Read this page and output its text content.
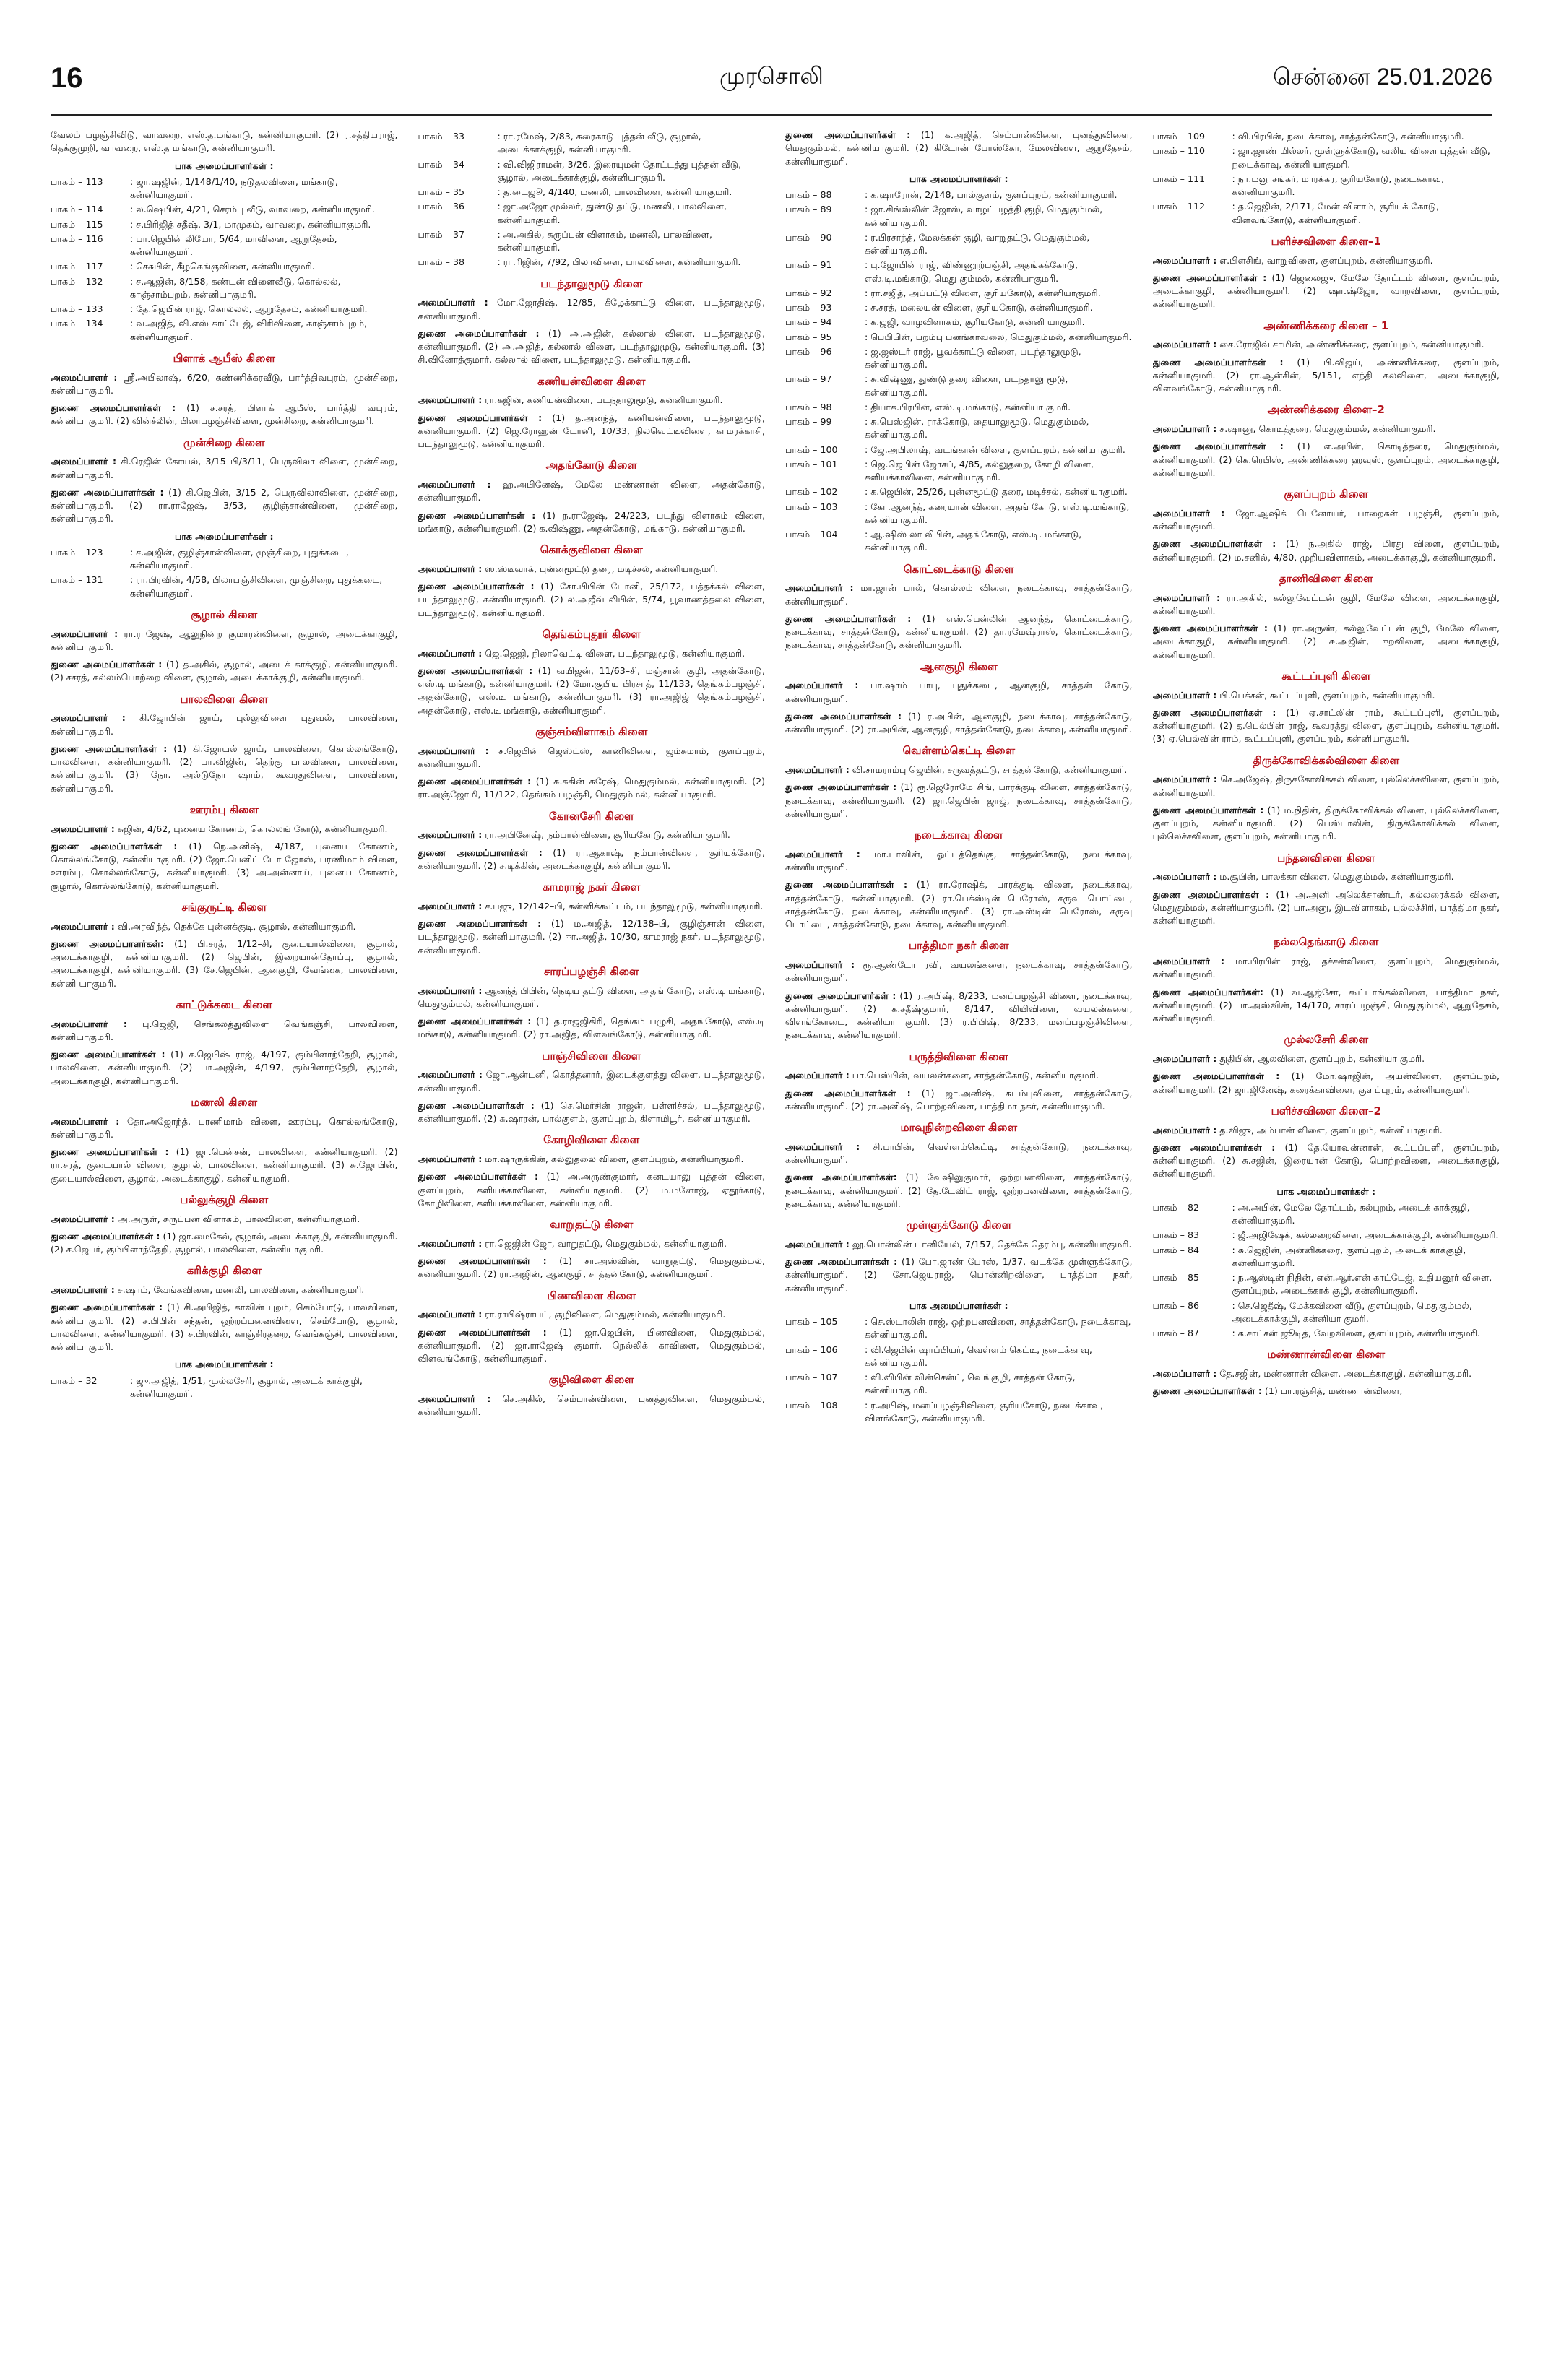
16	முரசொலி	சென்னை 25.01.2026

வேலம் பழஞ்சிவிடு, வாவறை, எஸ்.த.மங்காடு, கன்னியாகுமரி. (2) ர.சத்தியராஜ், தெக்குமுறி, வாவறை, எஸ்.த மங்காடு, கன்னியாகுமரி.

பாக அமைப்பாளர்கள் :
பாகம் – 113	: ஜா.ஷஜின், 1/148/1/40, நடுதலவிளை, மங்காடு, கன்னியாகுமரி.
பாகம் – 114	: ல.ஷெபின், 4/21, செரம்பு வீடு, வாவறை, கன்னியாகுமரி.
பாகம் – 115	: ச.பிரிஜித் சதீஷ், 3/1, மாமுகம், வாவறை, கன்னியாகுமரி.
பாகம் – 116	: பா.ஜெபின் லியோ, 5/64, மாவிளை, ஆறுதேசம், கன்னியாகுமரி.
பாகம் – 117	: செசுபின், கீழகெங்குவிளை, கன்னியாகுமரி.
பாகம் – 132	: ச.ஆஜின், 8/158, கண்டன் விளைவீடு, கொல்லல், காஞ்சாம்புறம், கன்னியாகுமரி.
பாகம் – 133	: தே.ஜெபின் ராஜ், கொல்லல், ஆறுதேசம், கன்னியாகுமரி.
பாகம் – 134	: வ.அஜித், வி.எஸ் காட்டேஜ், விரிவிளை, காஞ்சாம்புறம், கன்னியாகுமரி.
பிளாக் ஆபீஸ் கிளை

அமைப்பாளர் : ஸ்ரீ.அபிலாஷ், 6/20, கண்ணிக்கரவீடு, பார்த்திவபுரம், முன்சிறை, கன்னியாகுமரி.

துணை அமைப்பாளர்கள் : (1) ச.சரத், பிளாக் ஆபீஸ், பார்த்தி வபுரம், கன்னியாகுமரி. (2) வின்ச்லின், பிலாபழஞ்சிவிளை, முன்சிறை, கன்னியாகுமரி.

முன்சிறை கிளை

அமைப்பாளர் : கி.ரெஜின் கோயல், 3/15–பி/3/11, பெருவிலா விளை, முன்சிறை, கன்னியாகுமரி.

துணை அமைப்பாளர்கள் : (1) கி.ஜெபின், 3/15–2, பெருவிலாவிளை, முன்சிறை, கன்னியாகுமரி. (2) ரா.ராஜேஷ், 3/53, குழிஞ்சான்விளை, முன்சிறை, கன்னியாகுமரி.

பாக அமைப்பாளர்கள் :
பாகம் – 123	: ச.அஜின், குழிஞ்சான்விளை, முஞ்சிறை, புதுக்கடை, கன்னியாகுமரி.
பாகம் – 131	: ரா.பிரவின், 4/58, பிலாபஞ்சிவிளை, முஞ்சிறை, புதுக்கடை, கன்னியாகுமரி.
சூழால் கிளை

அமைப்பாளர் : ரா.ராஜேஷ், ஆலுநின்ற குமாரன்விளை, சூழால், அடைக்காகுழி, கன்னியாகுமரி.

துணை அமைப்பாளர்கள் : (1) த.அகில், சூழால், அடைக் காக்குழி, கன்னியாகுமரி. (2) சசரத், கல்லம்பொற்றை விளை, சூழால், அடைக்காக்குழி, கன்னியாகுமரி.

பாலவிளை கிளை

அமைப்பாளர் : கி.ஜோபின் ஜாய், புல்லுவிளை புதுவல், பாலவிளை, கன்னியாகுமரி.

துணை அமைப்பாளர்கள் : (1) கி.ஜோயல் ஜாய், பாலவிளை, கொல்லங்கோடு, பாலவிளை, கன்னியாகுமரி. (2) பா.விஜின், தெற்கு பாலவிளை, பாலவிளை, கன்னியாகுமரி. (3) நோ. அல்டுநோ ஷாம், கூவரதுவிளை, பாலவிளை, கன்னியாகுமரி.

ஊரம்பு கிளை

அமைப்பாளர் : சுஜின், 4/62, புனைய கோணம், கொல்லங் கோடு, கன்னியாகுமரி.

துணை அமைப்பாளர்கள் : (1) நெ.அனிஷ், 4/187, புனைய கோணம், கொல்லங்கோடு, கன்னியாகுமரி. (2) ஜோ.பெனிட் டோ ஜோஸ், பரணிமாம் விளை, ஊரம்பு, கொல்லங்கோடு, கன்னியாகுமரி. (3) அ.அன்னாய், புனைய கோணம், சூழால், கொல்லங்கோடு, கன்னியாகுமரி.

சங்குருட்டி கிளை

அமைப்பாளர் : வி.அரவிந்த், தெக்கே புன்னக்குடி, சூழால், கன்னியாகுமரி.

துணை அமைப்பாளர்கள்: (1) பி.சரத், 1/12–சி, குடையால்விளை, சூழால், அடைக்காகுழி, கன்னியாகுமரி. (2) ஜெபின், இறையான்தோப்பு, சூழால், அடைக்காகுழி, கன்னியாகுமரி. (3) சே.ஜெபின், ஆனகுழி, வேங்கை, பாலவிளை, கன்னி யாகுமரி.

காட்டுக்கடை கிளை

அமைப்பாளர் : பு.ஜெஜி, செங்கலத்துவிளை வெங்கஞ்சி, பாலவிளை, கன்னியாகுமரி.

துணை அமைப்பாளர்கள் : (1) ச.ஜெபிஷ் ராஜ், 4/197, கும்பிளாந்தேறி, சூழால், பாலவிளை, கன்னியாகுமரி. (2) பா.அஜின், 4/197, கும்பிளாந்தேறி, சூழால், அடைக்காகுழி, கன்னியாகுமரி.

மணலி கிளை

அமைப்பாளர் : தோ.அஜோந்த், பரணிமாம் விளை, ஊரம்பு, கொல்லங்கோடு, கன்னியாகுமரி.

துணை அமைப்பாளர்கள் : (1) ஜா.பென்சன், பாலவிளை, கன்னியாகுமரி. (2) ரா.சரத், குடையால் விளை, சூழால், பாலவிளை, கன்னியாகுமரி. (3) சு.ஜோபின், குடையால்விளை, சூழால், அடைக்காகுழி, கன்னியாகுமரி.

பல்லுக்குழி கிளை

அமைப்பாளர் : அ.அருள், சுருப்பன விளாகம், பாலவிளை, கன்னியாகுமரி.

துணை அமைப்பாளர்கள் : (1) ஜா.மைகேல், சூழால், அடைக்காகுழி, கன்னியாகுமரி. (2) ச.ஜெபர், கும்பிளாந்தேறி, சூழால், பாலவிளை, கன்னியாகுமரி.

கரிக்குழி கிளை

அமைப்பாளர் : ச.ஷாம், வேங்கவிளை, மணலி, பாலவிளை, கன்னியாகுமரி.

துணை அமைப்பாளர்கள் : (1) சி.அபிஜித், காவின் புறம், செம்போடு, பாலவிளை, கன்னியாகுமரி. (2) ச.பிபின் சந்தன், ஒற்றப்பனைவிளை, செம்போடு, சூழால், பாலவிளை, கன்னியாகுமரி. (3) ச.பிரவின், காஞ்சிரதறை, வெங்கஞ்சி, பாலவிளை, கன்னியாகுமரி.

பாக அமைப்பாளர்கள் :
பாகம் – 32	: ஜு.அஜித், 1/51, முல்லசேரி, சூழால், அடைக் காக்குழி, கன்னியாகுமரி.
பாகம் – 33	: ரா.ரமேஷ், 2/83, கரைகாடு புத்தன் வீடு, சூழால், அடைக்காக்குழி, கன்னியாகுமரி.
பாகம் – 34	: வி.விஜிராமன், 3/26, இரையுமன் தோட்டத்து புத்தன் வீடு, சூழால், அடைக்காக்குழி, கன்னியாகுமரி.
பாகம் – 35	: த.டைஜூ, 4/140, மணலி, பாலவிளை, கன்னி யாகுமரி.
பாகம் – 36	: ஜா.அஜோ முல்லர், துண்டு தட்டு, மணலி, பாலவிளை, கன்னியாகுமரி.
பாகம் – 37	: அ.அகில், சுருப்பன் விளாகம், மணலி, பாலவிளை, கன்னியாகுமரி.
பாகம் – 38	: ரா.ரிஜின், 7/92, பிலாவிளை, பாலவிளை, கன்னியாகுமரி.
படந்தாலுமூடு கிளை

அமைப்பாளர் : மோ.ஜோதிஷ், 12/85, கீழேக்காட்டு விளை, படந்தாலுமூடு, கன்னியாகுமரி.

துணை அமைப்பாளர்கள் : (1) அ.அஜின், கல்லால் விளை, படந்தாலுமூடு, கன்னியாகுமரி. (2) அ.அஜித், கல்லால் விளை, படந்தாலுமூடு, கன்னியாகுமரி. (3) சி.வினோத்குமார், கல்லால் விளை, படந்தாலுமூடு, கன்னியாகுமரி.

கணியன்விளை கிளை

அமைப்பாளர் : ரா.சுஜின், கணியன்விளை, படந்தாலுமூடு, கன்னியாகுமரி.

துணை அமைப்பாளர்கள் : (1) த.அனந்த், கணியன்விளை, படந்தாலுமூடு, கன்னியாகுமரி. (2) ஜெ.ரோஹன் டோனி, 10/33, நிலவெட்டிவிளை, காமரக்காசி, படந்தாலுமூடு, கன்னியாகுமரி.

அதங்கோடு கிளை

அமைப்பாளர் : ஹ.அபினேஷ், மேலே மண்ணான் விளை, அதன்கோடு, கன்னியாகுமரி.

துணை அமைப்பாளர்கள் : (1) ந.ராஜேஷ், 24/223, படந்து விளாகம் விளை, மங்காடு, கன்னியாகுமரி. (2) க.விஷ்ணு, அதன்கோடு, மங்காடு, கன்னியாகுமரி.

கொக்குவிளை கிளை

அமைப்பாளர் : ஸ.ஸ்டீவாக், புன்னமூட்டு தரை, மடிச்சல், கன்னியாகுமரி.

துணை அமைப்பாளர்கள் : (1) சோ.பிபின் டோனி, 25/172, பத்தக்கல் விளை, படந்தாலுமூடு, கன்னியாகுமரி. (2) ல.அஜீவ் லிபின், 5/74, பூவாணத்தலை விளை, படந்தாலுமூடு, கன்னியாகுமரி.

தெங்கம்புதூர் கிளை

அமைப்பாளர் : ஜெ.ஜெஜி, நிலாவெட்டி விளை, படந்தாலுமூடு, கன்னியாகுமரி.

துணை அமைப்பாளர்கள் : (1) வயிஜன், 11/63–சி, மஞ்சான் குழி, அதன்கோடு, எஸ்.டி மங்காடு, கன்னியாகுமரி. (2) மோ.சூபிய பிரசாத், 11/133, தெங்கம்பழஞ்சி, அதன்கோடு, எஸ்.டி மங்காடு, கன்னியாகுமரி. (3) ரா.அஜிஜ் தெங்கம்பழஞ்சி, அதன்கோடு, எஸ்.டி மங்காடு, கன்னியாகுமரி.

குஞ்சம்விளாகம் கிளை

அமைப்பாளர் : ச.ஜெபின் ஜெஸ்ட்ஸ், காணிவிளை, ஜம்சுமாம், குளப்புறம், கன்னியாகுமரி.

துணை அமைப்பாளர்கள் : (1) சு.சுகின் சுரேஷ், மெதுகும்மல், கன்னியாகுமரி. (2) ரா.அஞ்ஜோமி, 11/122, தெங்கம் பழஞ்சி, மெதுகும்மல், கன்னியாகுமரி.

கோனசேரி கிளை

அமைப்பாளர் : ரா.அபினேஷ், நம்பான்விளை, சூரியகோடு, கன்னியாகுமரி.

துணை அமைப்பாளர்கள் : (1) ரா.ஆகாஷ், நம்பான்விளை, சூரியக்கோடு, கன்னியாகுமரி. (2) ச.டிக்கின், அடைக்காகுழி, கன்னியாகுமரி.

காமராஜ் நகர் கிளை

அமைப்பாளர் : ச.பஜு, 12/142–பி, கன்னிக்கூட்டம், படந்தாலுமூடு, கன்னியாகுமரி.

துணை அமைப்பாளர்கள் : (1) ம.அஜித், 12/138–பி, குழிஞ்சான் விளை, படந்தாலுமூடு, கன்னியாகுமரி. (2) ஈா.அஜித், 10/30, காமராஜ் நகர், படந்தாலுமூடு, கன்னியாகுமரி.

சாரப்பழஞ்சி கிளை

அமைப்பாளர் : ஆனந்த் பிபின், நெடிய தட்டு விளை, அதங் கோடு, எஸ்.டி மங்காடு, மெதுகும்மல், கன்னியாகுமரி.

துணை அமைப்பாளர்கள் : (1) த.ராஜஜிகிரி, தெங்கம் பழுசி, அதங்கோடு, எஸ்.டி மங்காடு, கன்னியாகுமரி. (2) ரா.அஜித், விளவங்கோடு, கன்னியாகுமரி.

பாஞ்சிவிளை கிளை

அமைப்பாளர் : ஜோ.ஆன்டனி, கொத்தனார், இடைக்குளத்து விளை, படந்தாலுமூடு, கன்னியாகுமரி.

துணை அமைப்பாளர்கள் : (1) செ.மெர்சின் ராஜன், பள்ளிச்சல், படந்தாலுமூடு, கன்னியாகுமரி. (2) சு.ஷாரன், பால்குளம், குளப்புறம், கிளாமிபூர், கன்னியாகுமரி.

கோழிவிளை கிளை

அமைப்பாளர் : மா.ஷாருக்கின், கல்லுதலை விளை, குளப்புறம், கன்னியாகுமரி.

துணை அமைப்பாளர்கள் : (1) அ.அருண்குமார், கனடயாலு புத்தன் விளை, குளப்புறம், களியக்காவிளை, கன்னியாகுமரி. (2) ம.மனோஜ், ஏதூர்காடு, கோழிவிளை, களியக்காவிளை, கன்னியாகுமரி.

வாறுதட்டு கிளை

அமைப்பாளர் : ரா.ஜெஜின் ஜோ, வாறுதட்டு, மெதுகும்மல், கன்னியாகுமரி.

துணை அமைப்பாளர்கள் : (1) சா.அஸ்வின், வாறுதட்டு, மெதுகும்மல், கன்னியாகுமரி. (2) ரா.அஜின், ஆனகுழி, சாத்தன்கோடு, கன்னியாகுமரி.

பிணவிளை கிளை

அமைப்பாளர் : ரா.ராபிஷ்ராபட், குழிவிளை, மெதுகும்மல், கன்னியாகுமரி.

துணை அமைப்பாளர்கள் : (1) ஜா.ஜெபின், பிணவிளை, மெதுகும்மல், கன்னியாகுமரி. (2) ஜா.ராஜேஷ் குமார், நெல்லிக் காவிளை, மெதுகும்மல், விளவங்கோடு, கன்னியாகுமரி.

குழிவிளை கிளை

அமைப்பாளர் : செ.அகில், செம்பான்விளை, புனத்துவிளை, மெதுகும்மல், கன்னியாகுமரி.

துணை அமைப்பாளர்கள் : (1) க.அஜித், செம்பான்விளை, புனத்துவிளை, மெதுகும்மல், கன்னியாகுமரி. (2) கிடோன் போஸ்கோ, மேலவிளை, ஆறுதேசம், கன்னியாகுமரி.

பாக அமைப்பாளர்கள் :
பாகம் – 88	: க.ஷாரோன், 2/148, பால்குளம், குளப்புறம், கன்னியாகுமரி.
பாகம் – 89	: ஜா.கிங்ஸ்லின் ஜோஸ், வாழப்பழத்தி குழி, மெதுகும்மல், கன்னியாகுமரி.
பாகம் – 90	: ர.பிரசாந்த், மேலக்கன் குழி, வாறுதட்டு, மெதுகும்மல், கன்னியாகுமரி.
பாகம் – 91	: பு.ஜோபின் ராஜ், விண்ணூற்பஞ்சி, அதங்கக்கோடு, எஸ்.டி.மங்காடு, மெது கும்மல், கன்னியாகுமரி.
பாகம் – 92	: ரா.சஜித், அப்பட்டு விளை, சூரியகோடு, கன்னியாகுமரி.
பாகம் – 93	: ச.சரத், மலையன் விளை, சூரியகோடு, கன்னியாகுமரி.
பாகம் – 94	: க.ஜஜி, வாழவிளாகம், சூரியகோடு, கன்னி யாகுமரி.
பாகம் – 95	: பெபிபின், பறம்பு பனங்காவலை, மெதுகும்மல், கன்னியாகுமரி.
பாகம் – 96	: ஜ.ஜஸ்டர் ராஜ், பூவக்காட்டு விளை, படந்தாலுமூடு, கன்னியாகுமரி.
பாகம் – 97	: சு.விஷ்ணு, துண்டு தரை விளை, படந்தாலு மூடு, கன்னியாகுமரி.
பாகம் – 98	: தியாக.பிரபின், எஸ்.டி.மங்காடு, கன்னியா குமரி.
பாகம் – 99	: சு.பெஸ்ஜின், ராக்கோடு, தையாலுமூடு, மெதுகும்மல், கன்னியாகுமரி.
பாகம் – 100	: ஜே.அபிலாஷ், வடங்கான் விளை, குளப்புறம், கன்னியாகுமரி.
பாகம் – 101	: ஜெ.ஜெபின் ஜோசப், 4/85, கல்லுதறை, கோழி விளை, களியக்காவிளை, கன்னியாகுமரி.
பாகம் – 102	: க.ஜெபின், 25/26, புன்னமூட்டு தரை, மடிச்சல், கன்னியாகுமரி.
பாகம் – 103	: கோ.ஆனந்த், கரையான் விளை, அதங் கோடு, எஸ்.டி.மங்காடு, கன்னியாகுமரி.
பாகம் – 104	: ஆ.ஷிஸ் லா லிபின், அதங்கோடு, எஸ்.டி. மங்காடு, கன்னியாகுமரி.
கொட்டைக்காடு கிளை

அமைப்பாளர் : மா.ஜான் பால், கொல்லம் விளை, நடைக்காவு, சாத்தன்கோடு, கன்னியாகுமரி.

துணை அமைப்பாளர்கள் : (1) எஸ்.பென்லின் ஆனந்த், கொட்டைக்காடு, நடைக்காவு, சாத்தன்கோடு, கன்னியாகுமரி. (2) தா.ரமேஷ்ராஸ், கொட்டைக்காடு, நடைக்காவு, சாத்தன்கோடு, கன்னியாகுமரி.

ஆனகுழி கிளை

அமைப்பாளர் : பா.ஷாம் பாபு, புதுக்கடை, ஆனகுழி, சாத்தன் கோடு, கன்னியாகுமரி.

துணை அமைப்பாளர்கள் : (1) ர.அபின், ஆனகுழி, நடைக்காவு, சாத்தன்கோடு, கன்னியாகுமரி. (2) ரா.அபின், ஆனகுழி, சாத்தன்கோடு, நடைக்காவு, கன்னியாகுமரி.

வெள்ளம்கெட்டி கிளை

அமைப்பாளர் : வி.சாமராம்பு ஜெயின், சருவத்தட்டு, சாத்தன்கோடு, கன்னியாகுமரி.

துணை அமைப்பாளர்கள் : (1) ரூ.ஜெரோமே சிங், பாரக்குடி விளை, சாத்தன்கோடு, நடைக்காவு, கன்னியாகுமரி. (2) ஜா.ஜெபின் ஜாஜ், நடைக்காவு, சாத்தன்கோடு, கன்னியாகுமரி.

நடைக்காவு கிளை

அமைப்பாளர் : மா.டாவின், ஓட்டத்தெங்கு, சாத்தன்கோடு, நடைக்காவு, கன்னியாகுமரி.

துணை அமைப்பாளர்கள் : (1) ரா.ரோஷிக், பாரக்குடி விளை, நடைக்காவு, சாத்தன்கோடு, கன்னியாகுமரி. (2) ரா.பெக்ஸ்டின் பெரோஸ், சருவு பொட்டை, சாத்தன்கோடு, நடைக்காவு, கன்னியாகுமரி. (3) ரா.அஸ்டின் பெரோஸ், சருவு பொட்டை, சாத்தன்கோடு, நடைக்காவு, கன்னியாகுமரி.

பாத்திமா நகர் கிளை

அமைப்பாளர் : ரூ.ஆண்டோ ரவி, வயலங்களை, நடைக்காவு, சாத்தன்கோடு, கன்னியாகுமரி.

துணை அமைப்பாளர்கள் : (1) ர.அபிஷ், 8/233, மனப்பழஞ்சி விளை, நடைக்காவு, கன்னியாகுமரி. (2) க.சதீஷ்குமார், 8/147, வியிவிளை, வயலன்களை, விளங்கோடை, கன்னியா குமரி. (3) ர.பிபிஷ், 8/233, மனப்பழஞ்சிவிளை, நடைக்காவு, கன்னியாகுமரி.

பருத்திவிளை கிளை

அமைப்பாளர் : பா.பெஸ்பின், வயலன்களை, சாத்தன்கோடு, கன்னியாகுமரி.

துணை அமைப்பாளர்கள் : (1) ஜா.அனிஷ், சுடம்புவிளை, சாத்தன்கோடு, கன்னியாகுமரி. (2) ரா.அனிஷ், பொற்றவிளை, பாத்திமா நகர், கன்னியாகுமரி.

மாவுநின்றவிளை கிளை

அமைப்பாளர் : சி.பாபின், வெள்ளம்கெட்டி, சாத்தன்கோடு, நடைக்காவு, கன்னியாகுமரி.

துணை அமைப்பாளர்கள்: (1) வேஷிலுகுமார், ஒற்றபனவிளை, சாத்தன்கோடு, நடைக்காவு, கன்னியாகுமரி. (2) தே.டேவிட் ராஜ், ஒற்றபனவிளை, சாத்தன்கோடு, நடைக்காவு, கன்னியாகுமரி.

முள்ளுக்கோடு கிளை

அமைப்பாளர் : லூ.பொன்லின் டானியேல், 7/157, தெக்கே தெரம்பு, கன்னியாகுமரி.

துணை அமைப்பாளர்கள் : (1) போ.ஜாண் போஸ், 1/37, வடக்கே முள்ளுக்கோடு, கன்னியாகுமரி. (2) சோ.ஜெயராஜ், பொன்னிறவிளை, பாத்திமா நகர், கன்னியாகுமரி.

பாக அமைப்பாளர்கள் :
பாகம் – 105	: செ.ஸ்டாலின் ராஜ், ஒற்றபனவிளை, சாத்தன்கோடு, நடைக்காவு, கன்னியாகுமரி.
பாகம் – 106	: வி.ஜெபின் ஷாப்பியர், வெள்ளம் கெட்டி, நடைக்காவு, கன்னியாகுமரி.
பாகம் – 107	: வி.விபின் வின்சென்ட், வெங்குழி, சாத்தன் கோடு, கன்னியாகுமரி.
பாகம் – 108	: ர.அபிஷ், மனப்பழஞ்சிவிளை, சூரியகோடு, நடைக்காவு, விளங்கோடு, கன்னியாகுமரி.
பாகம் – 109	: வி.பிரபின், நடைக்காவு, சாத்தன்கோடு, கன்னியாகுமரி.
பாகம் – 110	: ஜா.ஜாண் மில்லர், முள்ளுக்கோடு, வலிய விளை புத்தன் வீடு, நடைக்காவு, கன்னி யாகுமரி.
பாகம் – 111	: நா.மனு சங்கர், மாரக்கர, சூரியகோடு, நடைக்காவு, கன்னியாகுமரி.
பாகம் – 112	: த.ஜெஜின், 2/171, மேன் விளாம், சூரியக் கோடு, விளவங்கோடு, கன்னியாகுமரி.
பளிச்சவிளை கிளை–1

அமைப்பாளர் : எ.பிளசிங், வாறுவிளை, குளப்புறம், கன்னியாகுமரி.

துணை அமைப்பாளர்கள் : (1) ஜெலைஜு, மேலே தோட்டம் விளை, குளப்புறம், அடைக்காகுழி, கன்னியாகுமரி. (2) ஷா.ஷ்ஜோ, வாறவிளை, குளப்புறம், கன்னியாகுமரி.

அண்ணிக்கரை கிளை – 1

அமைப்பாளர் : சை.ரோஜிவ் சாமின், அண்ணிக்கரை, குளப்புறம், கன்னியாகுமரி.

துணை அமைப்பாளர்கள் : (1) பி.விஜய், அண்ணிக்கரை, குளப்புறம், கன்னியாகுமரி. (2) ரா.ஆன்சின், 5/151, எந்தி கலவிளை, அடைக்காகுழி, விளவங்கோடு, கன்னியாகுமரி.

அண்ணிக்கரை கிளை–2

அமைப்பாளர் : ச.ஷானு, கொடித்தரை, மெதுகும்மல், கன்னியாகுமரி.

துணை அமைப்பாளர்கள் : (1) எ.அபின், கொடித்தரை, மெதுகும்மல், கன்னியாகுமரி. (2) கெ.ரெபிஸ், அண்ணிக்கரை ஹவுஸ், குளப்புறம், அடைக்காகுழி, கன்னியாகுமரி.

குளப்புறம் கிளை

அமைப்பாளர் : ஜோ.ஆஷிக் பெனோயர், பாறைகள் பழஞ்சி, குளப்புறம், கன்னியாகுமரி.

துணை அமைப்பாளர்கள் : (1) ந.அகில் ராஜ், மிரது விளை, குளப்புறம், கன்னியாகுமரி. (2) ம.சனில், 4/80, முறியவிளாகம், அடைக்காகுழி, கன்னியாகுமரி.

தாணிவிளை கிளை

அமைப்பாளர் : ரா.அகில், கல்லுவேட்டன் குழி, மேலே விளை, அடைக்காகுழி, கன்னியாகுமரி.

துணை அமைப்பாளர்கள் : (1) ரா.அருண், கல்லுவேட்டன் குழி, மேலே விளை, அடைக்காகுழி, கன்னியாகுமரி. (2) சு.அஜின், ஈறவிளை, அடைக்காகுழி, கன்னியாகுமரி.

கூட்டப்புளி கிளை

அமைப்பாளர் : பி.பெக்சன், கூட்டப்புளி, குளப்புறம், கன்னியாகுமரி.

துணை அமைப்பாளர்கள் : (1) ஏ.சாட்லின் ராம், கூட்டப்புளி, குளப்புறம், கன்னியாகுமரி. (2) த.பெல்பின் ராஜ், கூவரத்து விளை, குளப்புறம், கன்னியாகுமரி. (3) ஏ.பெல்வின் ராம், கூட்டப்புளி, குளப்புறம், கன்னியாகுமரி.

திருக்கோவிக்கல்விளை கிளை

அமைப்பாளர் : செ.அஜேஷ், திருக்கோவிக்கல் விளை, புல்லெச்சவிளை, குளப்புறம், கன்னியாகுமரி.

துணை அமைப்பாளர்கள் : (1) ம.நிதின், திருக்கோவிக்கல் விளை, புல்லெச்சவிளை, குளப்புறம், கன்னியாகுமரி. (2) பெஸ்டாலின், திருக்கோவிக்கல் விளை, புல்லெச்சவிளை, குளப்புறம், கன்னியாகுமரி.

பந்தனவிளை கிளை

அமைப்பாளர் : ம.சூபின், பாலக்கா விளை, மெதுகும்மல், கன்னியாகுமரி.

துணை அமைப்பாளர்கள் : (1) அ.அனி அலெக்சாண்டர், கல்லரைக்கல் விளை, மெதுகும்மல், கன்னியாகுமரி. (2) பா.அனு, இடவிளாகம், புல்லச்சிரி, பாத்திமா நகர், கன்னியாகுமரி.

நல்லதெங்காடு கிளை

அமைப்பாளர் : மா.பிரபின் ராஜ், தச்சன்விளை, குளப்புறம், மெதுகும்மல், கன்னியாகுமரி.

துணை அமைப்பாளர்கள்: (1) வ.ஆஜ்சோ, கூட்டாங்கல்விளை, பாத்திமா நகர், கன்னியாகுமரி. (2) பா.அஸ்வின், 14/170, சாரப்பழஞ்சி, மெதுகும்மல், ஆறுதேசம், கன்னியாகுமரி.

முல்லசேரி கிளை

அமைப்பாளர் : துதிபின், ஆலவிளை, குளப்புறம், கன்னியா குமரி.

துணை அமைப்பாளர்கள் : (1) மோ.ஷாஜின், அயன்விளை, குளப்புறம், கன்னியாகுமரி. (2) ஜா.ஜினேஷ், கரைக்காவிளை, குளப்புறம், கன்னியாகுமரி.

பளிச்சவிளை கிளை–2

அமைப்பாளர் : த.விஜு, அம்பான் விளை, குளப்புறம், கன்னியாகுமரி.

துணை அமைப்பாளர்கள் : (1) தே.யோவன்னான், கூட்டப்புளி, குளப்புறம், கன்னியாகுமரி. (2) சு.சஜின், இரையான் கோடு, பொற்றவிளை, அடைக்காகுழி, கன்னியாகுமரி.

பாக அமைப்பாளர்கள் :
பாகம் – 82	: அ.அபின், மேலே தோட்டம், கல்புறம், அடைக் காக்குழி, கன்னியாகுமரி.
பாகம் – 83	: ஜீ.அஜிஷேக், கல்லறைவிளை, அடைக்காக்குழி, கன்னியாகுமரி.
பாகம் – 84	: சு.ஜெஜின், அன்னிக்கரை, குளப்புறம், அடைக் காக்குழி, கன்னியாகுமரி.
பாகம் – 85	: ந.ஆஸ்டின் நிதின், என்.ஆர்.என் காட்டேஜ், உதியனூர் விளை, குளப்புறம், அடைக்காக் குழி, கன்னியாகுமரி.
பாகம் – 86	: செ.ஜெதீஷ், மேக்கவிளை வீடு, குளப்புறம், மெதுகும்மல், அடைக்காக்குழி, கன்னியா குமரி.
பாகம் – 87	: க.சாட்சன் ஜூடித், வேறவிளை, குளப்புறம், கன்னியாகுமரி.
மண்ணான்விளை கிளை

அமைப்பாளர் : தே.சஜின், மண்ணான் விளை, அடைக்காகுழி, கன்னியாகுமரி.

துணை அமைப்பாளர்கள் : (1) பா.ரஞ்சித், மண்ணான்விளை,
